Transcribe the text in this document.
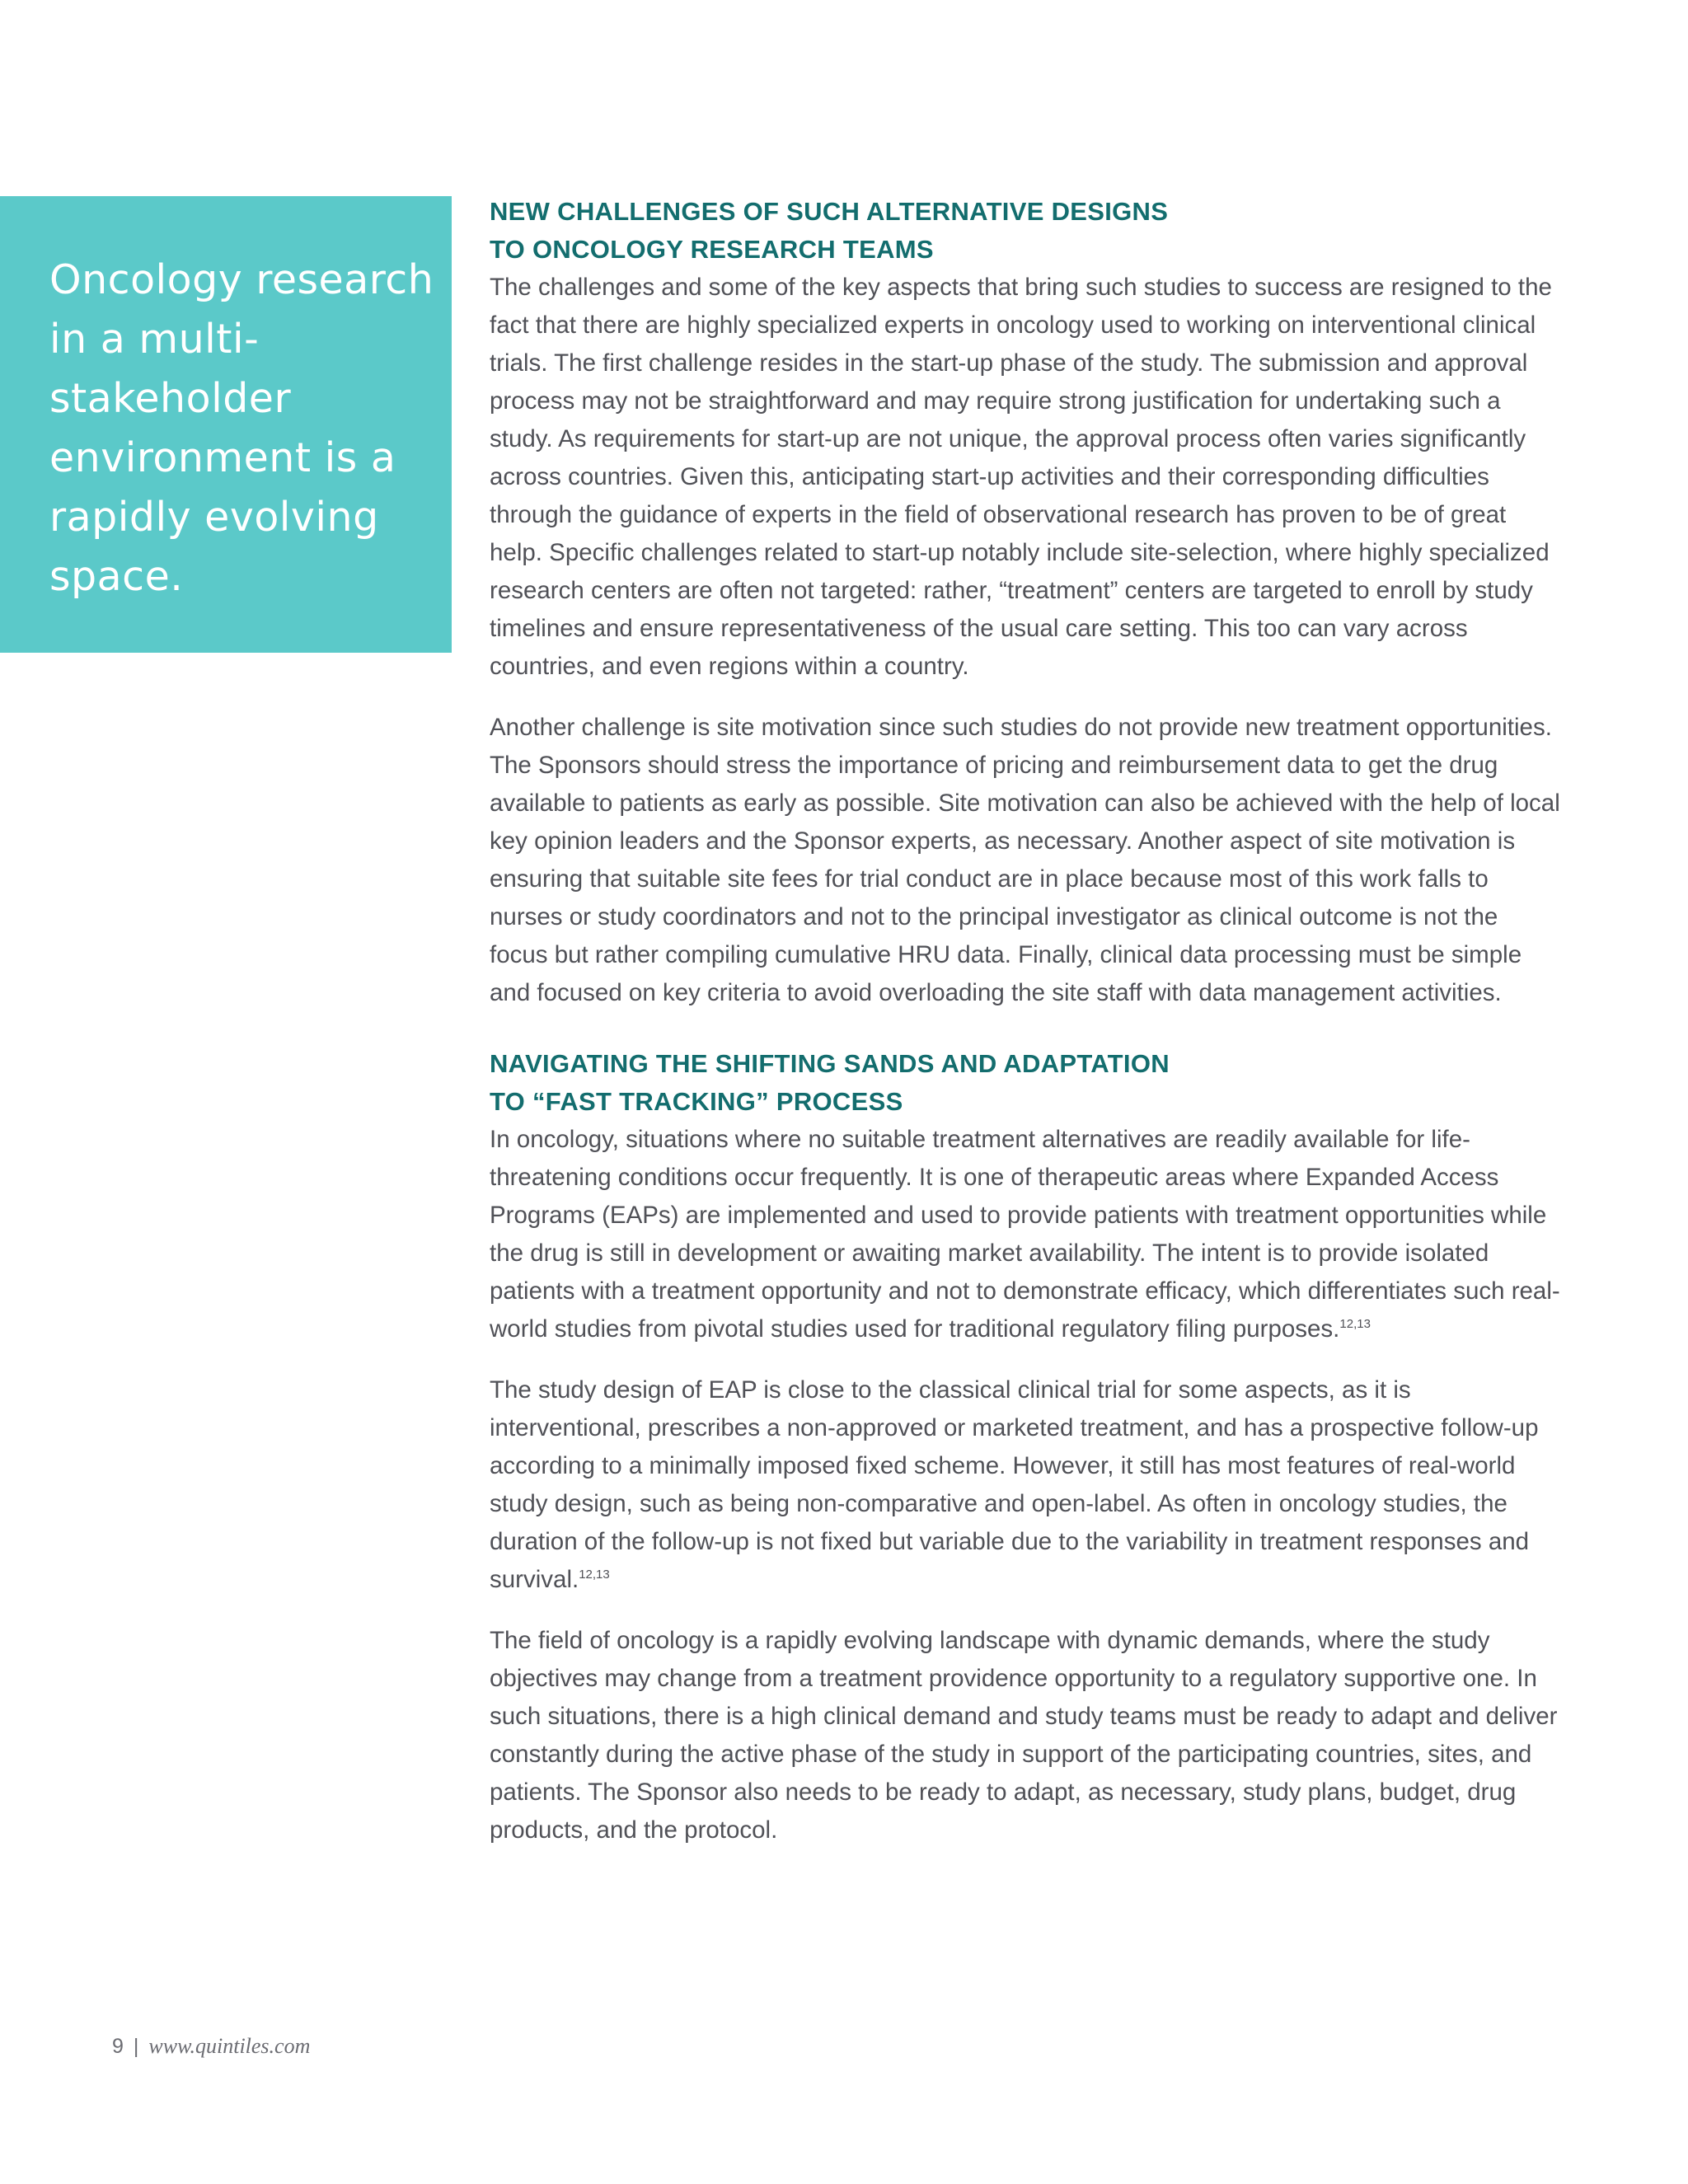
Oncology research in a multi-stakeholder environment is a rapidly evolving space.

NEW CHALLENGES OF SUCH ALTERNATIVE DESIGNS
TO ONCOLOGY RESEARCH TEAMS

The challenges and some of the key aspects that bring such studies to success are resigned to the fact that there are highly specialized experts in oncology used to working on interventional clinical trials. The first challenge resides in the start-up phase of the study. The submission and approval process may not be straightforward and may require strong justification for undertaking such a study. As requirements for start-up are not unique, the approval process often varies significantly across countries. Given this, anticipating start-up activities and their corresponding difficulties through the guidance of experts in the field of observational research has proven to be of great help. Specific challenges related to start-up notably include site-selection, where highly specialized research centers are often not targeted: rather, “treatment” centers are targeted to enroll by study timelines and ensure representativeness of the usual care setting. This too can vary across countries, and even regions within a country.

Another challenge is site motivation since such studies do not provide new treatment opportunities. The Sponsors should stress the importance of pricing and reimbursement data to get the drug available to patients as early as possible. Site motivation can also be achieved with the help of local key opinion leaders and the Sponsor experts, as necessary. Another aspect of site motivation is ensuring that suitable site fees for trial conduct are in place because most of this work falls to nurses or study coordinators and not to the principal investigator as clinical outcome is not the focus but rather compiling cumulative HRU data. Finally, clinical data processing must be simple and focused on key criteria to avoid overloading the site staff with data management activities.

NAVIGATING THE SHIFTING SANDS AND ADAPTATION
TO “FAST TRACKING” PROCESS

In oncology, situations where no suitable treatment alternatives are readily available for life-threatening conditions occur frequently. It is one of therapeutic areas where Expanded Access Programs (EAPs) are implemented and used to provide patients with treatment opportunities while the drug is still in development or awaiting market availability. The intent is to provide isolated patients with a treatment opportunity and not to demonstrate efficacy, which differentiates such real-world studies from pivotal studies used for traditional regulatory filing purposes.$^{12,13}$

The study design of EAP is close to the classical clinical trial for some aspects, as it is interventional, prescribes a non-approved or marketed treatment, and has a prospective follow-up according to a minimally imposed fixed scheme. However, it still has most features of real-world study design, such as being non-comparative and open-label. As often in oncology studies, the duration of the follow-up is not fixed but variable due to the variability in treatment responses and survival.$^{12,13}$

The field of oncology is a rapidly evolving landscape with dynamic demands, where the study objectives may change from a treatment providence opportunity to a regulatory supportive one. In such situations, there is a high clinical demand and study teams must be ready to adapt and deliver constantly during the active phase of the study in support of the participating countries, sites, and patients. The Sponsor also needs to be ready to adapt, as necessary, study plans, budget, drug products, and the protocol.

9 | www.quintiles.com
